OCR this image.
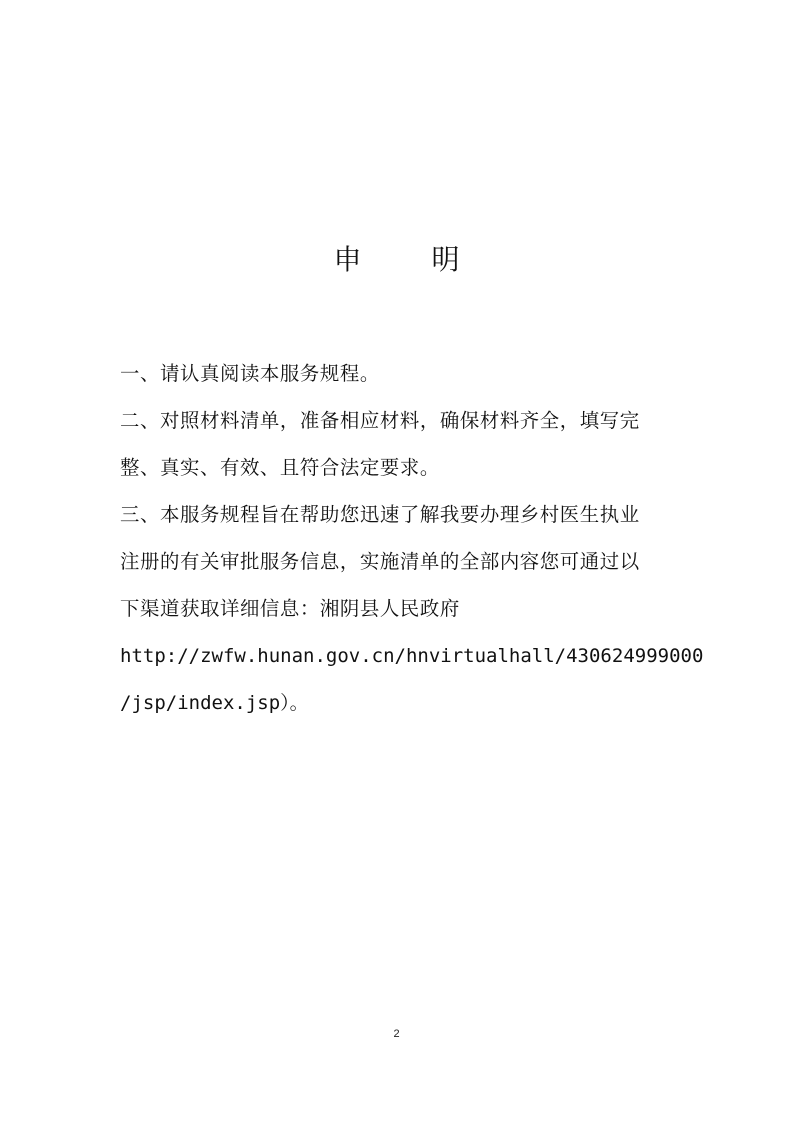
申	明
一、请认真阅读本服务规程。
二、对照材料清单，准备相应材料，确保材料齐全，填写完
整、真实、有效、且符合法定要求。
三、本服务规程旨在帮助您迅速了解我要办理乡村医生执业
注册的有关审批服务信息，实施清单的全部内容您可通过以
下渠道获取详细信息：湘阴县人民政府
http://zwfw.hunan.gov.cn/hnvirtualhall/430624999000
/jsp/index.jsp）。
2
